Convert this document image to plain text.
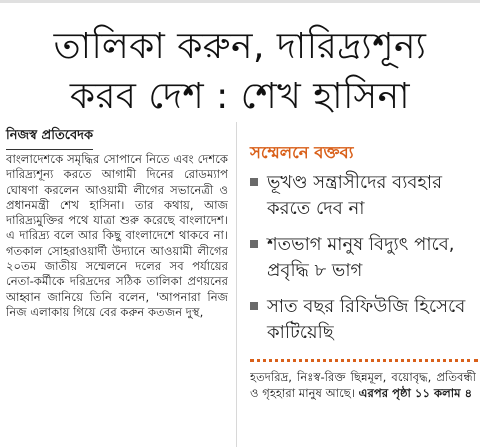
তালিকা করুন, দারিদ্র্যশূন্য
করব দেশ : শেখ হাসিনা
নিজস্ব প্রতিবেদক
বাংলাদেশকে সমৃদ্ধির সোপানে নিতে এবং দেশকে দারিদ্র্যশূন্য করতে আগামী দিনের রোডম্যাপ ঘোষণা করলেন আওয়ামী লীগের সভানেত্রী ও প্রধানমন্ত্রী শেখ হাসিনা। তার কথায়, আজ দারিদ্র্যমুক্তির পথে যাত্রা শুরু করেছে বাংলাদেশ। এ দারিদ্র্য বলে আর কিছু বাংলাদেশে থাকবে না। গতকাল সোহরাওয়ার্দী উদ্যানে আওয়ামী লীগের ২০তম জাতীয় সম্মেলনে দলের সব পর্যায়ের নেতা-কর্মীকে দরিদ্রদের সঠিক তালিকা প্রণয়নের আহ্বান জানিয়ে তিনি বলেন, 'আপনারা নিজ নিজ এলাকায় গিয়ে বের করুন কতজন দুস্থ,
সম্মেলনে বক্তব্য
ভূখণ্ড সন্ত্রাসীদের ব্যবহার করতে দেব না
শতভাগ মানুষ বিদ্যুৎ পাবে, প্রবৃদ্ধি ৮ ভাগ
সাত বছর রিফিউজি হিসেবে কাটিয়েছি
হতদরিদ্র, নিঃস্ব-রিক্ত ছিন্নমূল, বয়োবৃদ্ধ, প্রতিবন্ধী ও গৃহহারা মানুষ আছে। এরপর পৃষ্ঠা ১১ কলাম ৪
